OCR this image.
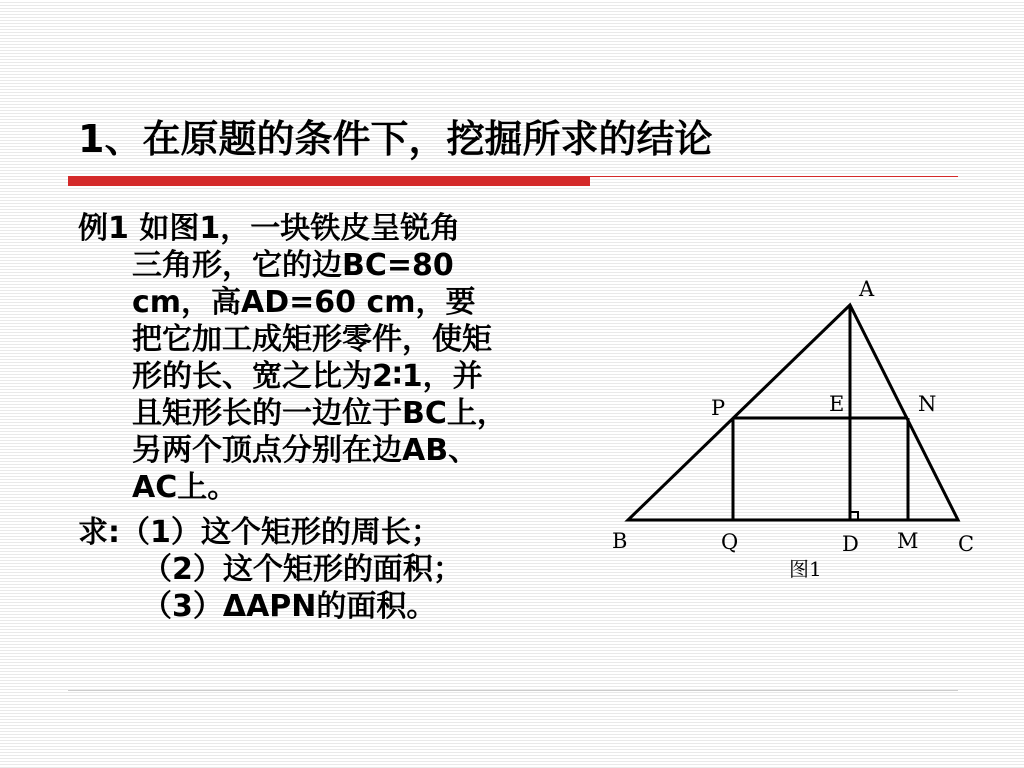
1、在原题的条件下，挖掘所求的结论
例1 如图1，一块铁皮呈锐角
三角形，它的边BC=80
cm，高AD=60 cm，要
把它加工成矩形零件，使矩
形的长、宽之比为2∶1，并
且矩形长的一边位于BC上，
另两个顶点分别在边AB、
AC上。
求:（1）这个矩形的周长；
（2）这个矩形的面积；
（3）ΔAPN的面积。
A
B	C
D
E
M
N
P
Q
图1
